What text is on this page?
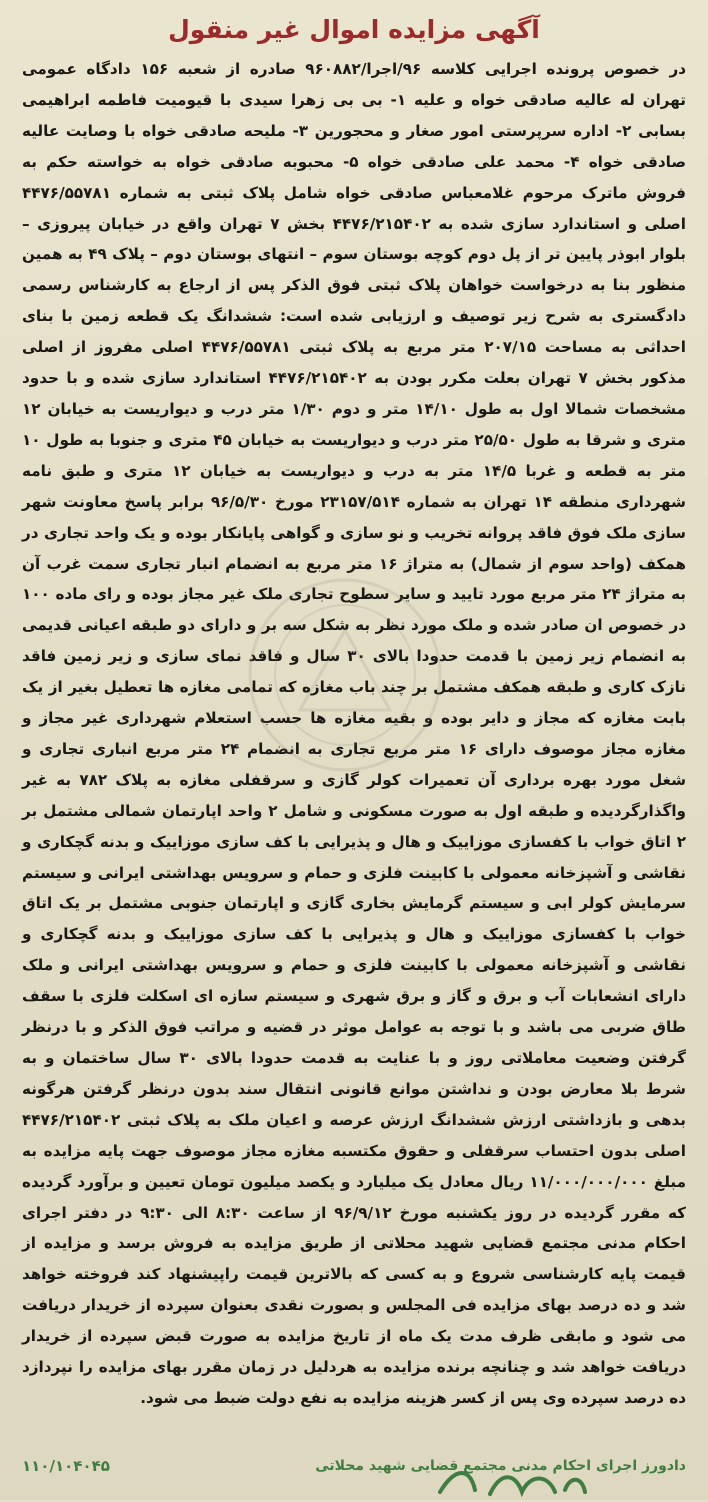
آگهی مزایده اموال غیر منقول

در خصوص پرونده اجرایی کلاسه ۹۶/اجرا/۹۶۰۸۸۲ صادره از شعبه ۱۵۶ دادگاه عمومی تهران له عالیه صادقی خواه و علیه ۱- بی بی زهرا سیدی با قیومیت فاطمه ابراهیمی بسابی ۲- اداره سرپرستی امور صغار و محجورین ۳- ملیحه صادقی خواه با وصایت عالیه صادقی خواه ۴- محمد علی صادقی خواه ۵- محبوبه صادقی خواه به خواسته حکم به فروش ماترک مرحوم غلامعباس صادقی خواه شامل پلاک ثبتی به شماره ۴۴۷۶/۵۵۷۸۱ اصلی و استاندارد سازی شده به ۴۴۷۶/۲۱۵۴۰۲ بخش ۷ تهران واقع در خیابان پیروزی – بلوار ابوذر پایین تر از پل دوم کوچه بوستان سوم – انتهای بوستان دوم – پلاک ۴۹ به همین منظور بنا به درخواست خواهان پلاک ثبتی فوق الذکر پس از ارجاع به کارشناس رسمی دادگستری به شرح زیر توصیف و ارزیابی شده است: ششدانگ یک قطعه زمین با بنای احداثی به مساحت ۲۰۷/۱۵ متر مربع به پلاک ثبتی ۴۴۷۶/۵۵۷۸۱ اصلی مفروز از اصلی مذکور بخش ۷ تهران بعلت مکرر بودن به ۴۴۷۶/۲۱۵۴۰۲ استاندارد سازی شده و با حدود مشخصات شمالا اول به طول ۱۴/۱۰ متر و دوم ۱/۳۰ متر درب و دیواریست به خیابان ۱۲ متری و شرقا به طول ۲۵/۵۰ متر درب و دیواریست به خیابان ۴۵ متری و جنوبا به طول ۱۰ متر به قطعه و غربا ۱۴/۵ متر به درب و دیواریست به خیابان ۱۲ متری و طبق نامه شهرداری منطقه ۱۴ تهران به شماره ۲۳۱۵۷/۵۱۴ مورخ ۹۶/۵/۳۰ برابر پاسخ معاونت شهر سازی ملک فوق فاقد پروانه تخریب و نو سازی و گواهی پایانکار بوده و یک واحد تجاری در همکف (واحد سوم از شمال) به متراژ ۱۶ متر مربع به انضمام انبار تجاری سمت غرب آن به متراژ ۲۴ متر مربع مورد تایید و سایر سطوح تجاری ملک غیر مجاز بوده و رای ماده ۱۰۰ در خصوص ان صادر شده و ملک مورد نظر به شکل سه بر و دارای دو طبقه اعیانی قدیمی به انضمام زیر زمین با قدمت حدودا بالای ۳۰ سال و فاقد نمای سازی و زیر زمین فاقد نازک کاری و طبقه همکف مشتمل بر چند باب مغازه که تمامی مغازه ها تعطیل بغیر از یک بابت مغازه که مجاز و دایر بوده و بقیه مغازه ها حسب استعلام شهرداری غیر مجاز و مغازه مجاز موصوف دارای ۱۶ متر مربع تجاری به انضمام ۲۴ متر مربع انباری تجاری و شغل مورد بهره برداری آن تعمیرات کولر گازی و سرقفلی مغازه به پلاک ۷۸۲ به غیر واگذارگردیده و طبقه اول به صورت مسکونی و شامل ۲ واحد اپارتمان شمالی مشتمل بر ۲ اتاق خواب با کفسازی موزاییک و هال و پذیرایی با کف سازی موزاییک و بدنه گچکاری و نقاشی و آشپزخانه معمولی با کابینت فلزی و حمام و سرویس بهداشتی ایرانی و سیستم سرمایش کولر ابی و سیستم گرمایش بخاری گازی و اپارتمان جنوبی مشتمل بر یک اتاق خواب با کفسازی موزاییک و هال و پذیرایی با کف سازی موزاییک و بدنه گچکاری و نقاشی و آشپزخانه معمولی با کابینت فلزی و حمام و سرویس بهداشتی ایرانی و ملک دارای انشعابات آب و برق و گاز و برق شهری و سیستم سازه ای اسکلت فلزی با سقف طاق ضربی می باشد و با توجه به عوامل موثر در قضیه و مراتب فوق الذکر و با درنظر گرفتن وضعیت معاملاتی روز و با عنایت به قدمت حدودا بالای ۳۰ سال ساختمان و به شرط بلا معارض بودن و نداشتن موانع قانونی انتقال سند بدون درنظر گرفتن هرگونه بدهی و بازداشتی ارزش ششدانگ ارزش عرصه و اعیان ملک به پلاک ثبتی ۴۴۷۶/۲۱۵۴۰۲ اصلی بدون احتساب سرقفلی و حقوق مکتسبه مغازه مجاز موصوف جهت پایه مزایده به مبلغ ۱۱/۰۰۰/۰۰۰/۰۰۰ ریال معادل یک میلیارد و یکصد میلیون تومان تعیین و برآورد گردیده که مقرر گردیده در روز یکشنبه مورخ ۹۶/۹/۱۲ از ساعت ۸:۳۰ الی ۹:۳۰ در دفتر اجرای احکام مدنی مجتمع قضایی شهید محلاتی از طریق مزایده به فروش برسد و مزایده از قیمت پایه کارشناسی شروع و به کسی که بالاترین قیمت راپیشنهاد کند فروخته خواهد شد و ده درصد بهای مزایده فی المجلس و بصورت نقدی بعنوان سپرده از خریدار دریافت می شود و مابقی ظرف مدت یک ماه از تاریخ مزایده به صورت قبض سپرده از خریدار دریافت خواهد شد و چنانچه برنده مزایده به هردلیل در زمان مقرر بهای مزایده را نپردازد ده درصد سپرده وی پس از کسر هزینه مزایده به نفع دولت ضبط می شود.

دادورز اجرای احکام مدنی مجتمع قضایی شهید محلاتی
۱۱۰/۱۰۴۰۴۵
